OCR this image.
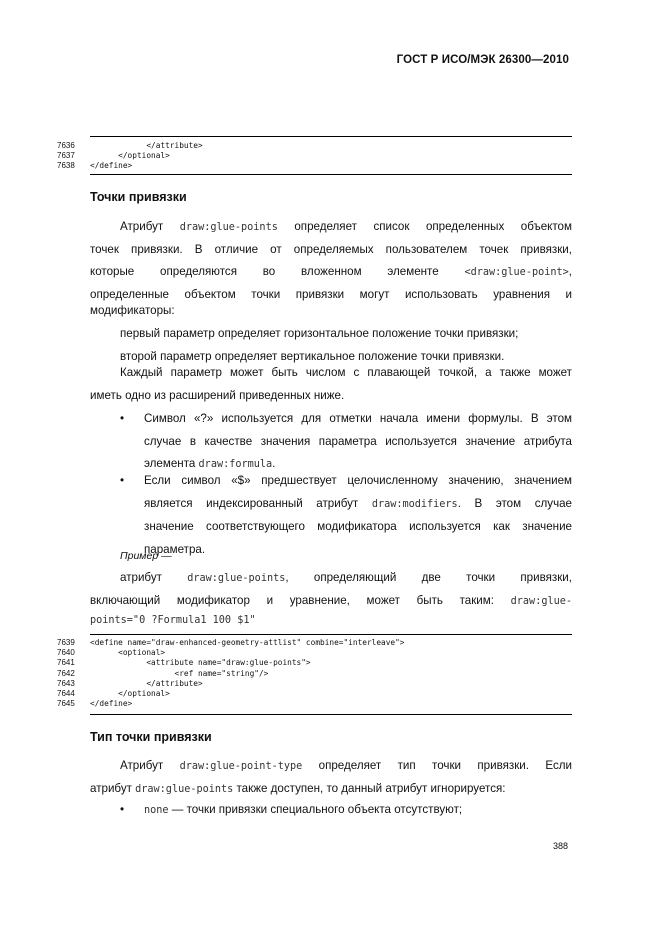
ГОСТ Р ИСО/МЭК 26300—2010
7636	</attribute>
7637	</optional>
7638	</define>
Точки привязки
Атрибут draw:glue-points определяет список определенных объектом
точек привязки. В отличие от определяемых пользователем точек привязки,
которые определяются во вложенном элементе <draw:glue-point>,
определенные объектом точки привязки могут использовать уравнения и
модификаторы:
первый параметр определяет горизонтальное положение точки привязки;
второй параметр определяет вертикальное положение точки привязки.
Каждый параметр может быть числом с плавающей точкой, а также может
иметь одно из расширений приведенных ниже.
• Символ «?» используется для отметки начала имени формулы. В этом
случае в качестве значения параметра используется значение атрибута
элемента draw:formula.
• Если символ «$» предшествует целочисленному значению, значением
является индексированный атрибут draw:modifiers. В этом случае
значение соответствующего модификатора используется как значение
параметра.
Пример —
атрибут draw:glue-points, определяющий две точки привязки,
включающий модификатор и уравнение, может быть таким: draw:glue-
points="0 ?Formula1 100 $1"
7639	<define name="draw-enhanced-geometry-attlist" combine="interleave">
7640	<optional>
7641	<attribute name="draw:glue-points">
7642	<ref name="string"/>
7643	</attribute>
7644	</optional>
7645	</define>
Тип точки привязки
Атрибут draw:glue-point-type определяет тип точки привязки. Если
атрибут draw:glue-points также доступен, то данный атрибут игнорируется:
• none — точки привязки специального объекта отсутствуют;
388
